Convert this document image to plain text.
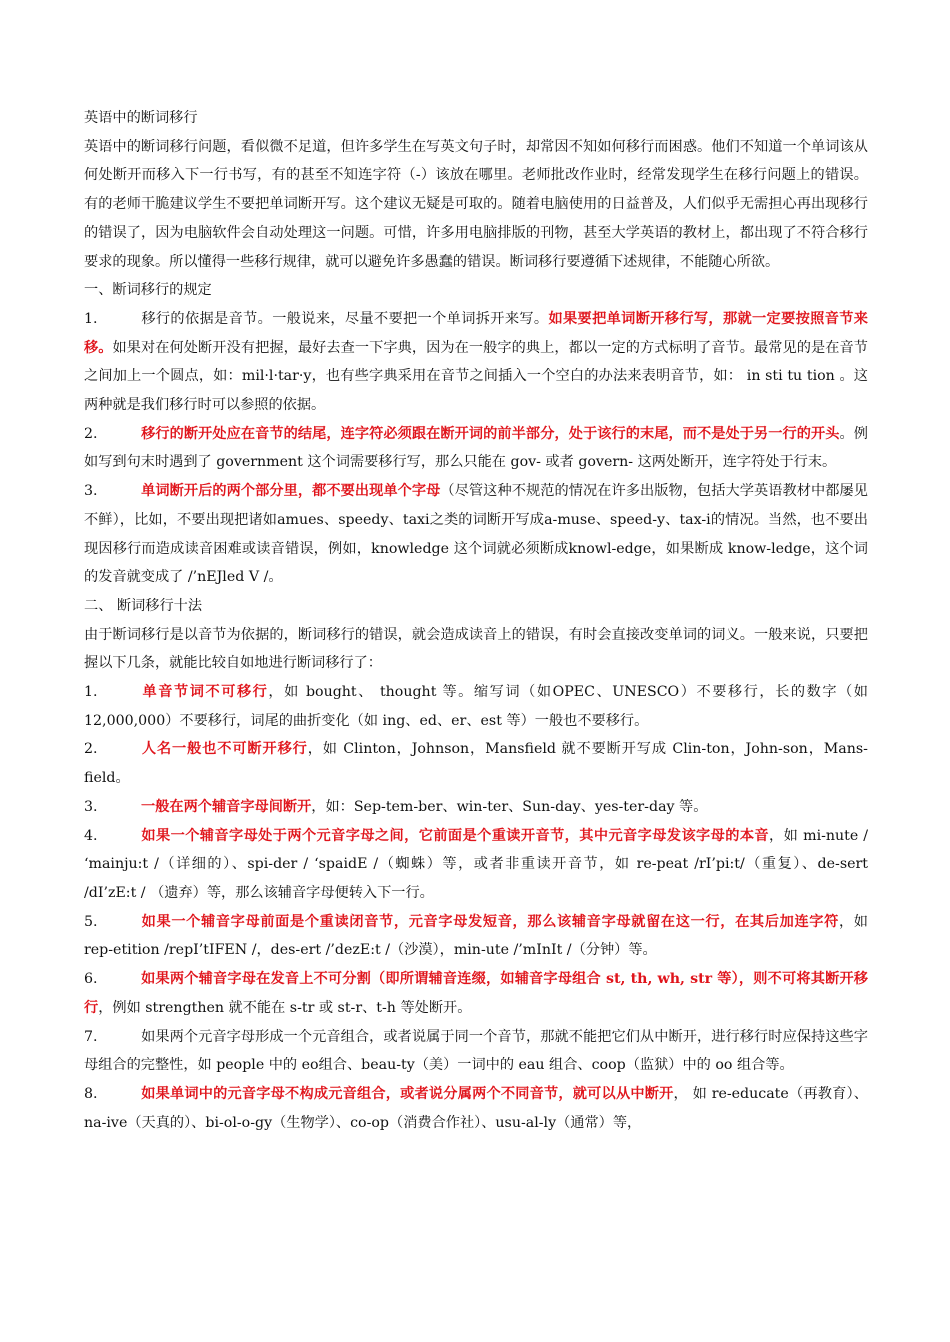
英语中的断词移行

英语中的断词移行问题，看似微不足道，但许多学生在写英文句子时，却常因不知如何移行而困惑。他们不知道一个单词该从何处断开而移入下一行书写，有的甚至不知连字符（-）该放在哪里。老师批改作业时，经常发现学生在移行问题上的错误。有的老师干脆建议学生不要把单词断开写。这个建议无疑是可取的。随着电脑使用的日益普及，人们似乎无需担心再出现移行的错误了，因为电脑软件会自动处理这一问题。可惜，许多用电脑排版的刊物，甚至大学英语的教材上，都出现了不符合移行要求的现象。所以懂得一些移行规律，就可以避免许多愚蠢的错误。断词移行要遵循下述规律，不能随心所欲。

一、断词移行的规定

1.	移行的依据是音节。一般说来，尽量不要把一个单词拆开来写。如果要把单词断开移行写，那就一定要按照音节来移。如果对在何处断开没有把握，最好去查一下字典，因为在一般字的典上，都以一定的方式标明了音节。最常见的是在音节之间加上一个圆点，如：mil·l·tar·y，也有些字典采用在音节之间插入一个空白的办法来表明音节，如： in sti tu tion 。这两种就是我们移行时可以参照的依据。

2.	移行的断开处应在音节的结尾，连字符必须跟在断开词的前半部分，处于该行的末尾，而不是处于另一行的开头。例如写到句末时遇到了 government 这个词需要移行写，那么只能在 gov- 或者 govern- 这两处断开，连字符处于行末。

3.	单词断开后的两个部分里，都不要出现单个字母（尽管这种不规范的情况在许多出版物，包括大学英语教材中都屡见不鲜），比如，不要出现把诸如amues、speedy、taxi之类的词断开写成a-muse、speed-y、tax-i的情况。当然，也不要出现因移行而造成读音困难或读音错误，例如，knowledge 这个词就必须断成knowl-edge，如果断成 know-ledge，这个词的发音就变成了 /’nEJled V /。

二、 断词移行十法

由于断词移行是以音节为依据的，断词移行的错误，就会造成读音上的错误，有时会直接改变单词的词义。一般来说，只要把握以下几条，就能比较自如地进行断词移行了：

1.	单音节词不可移行，如 bought、 thought 等。缩写词（如OPEC、UNESCO）不要移行，长的数字（如12,000,000）不要移行，词尾的曲折变化（如 ing、ed、er、est 等）一般也不要移行。

2.	人名一般也不可断开移行，如 Clinton，Johnson，Mansfield 就不要断开写成 Clin-ton，John-son，Mans-field。

3.	一般在两个辅音字母间断开，如：Sep-tem-ber、win-ter、Sun-day、yes-ter-day 等。

4.	如果一个辅音字母处于两个元音字母之间，它前面是个重读开音节，其中元音字母发该字母的本音，如 mi-nute / ‘mainju:t /（详细的）、spi-der / ‘spaidE /（蜘蛛）等，或者非重读开音节，如 re-peat /rI’pi:t/（重复）、de-sert /dI’zE:t / （遗弃）等，那么该辅音字母便转入下一行。

5.	如果一个辅音字母前面是个重读闭音节，元音字母发短音，那么该辅音字母就留在这一行，在其后加连字符，如 rep-etition /repI’tIFEN /，des-ert /’dezE:t /（沙漠），min-ute /’mInIt /（分钟）等。

6.	如果两个辅音字母在发音上不可分割（即所谓辅音连缀，如辅音字母组合 st, th, wh, str 等），则不可将其断开移行，例如 strengthen 就不能在 s-tr 或 st-r、t-h 等处断开。

7.	如果两个元音字母形成一个元音组合，或者说属于同一个音节，那就不能把它们从中断开，进行移行时应保持这些字母组合的完整性，如 people 中的 eo组合、beau-ty（美）一词中的 eau 组合、coop（监狱）中的 oo 组合等。

8.	如果单词中的元音字母不构成元音组合，或者说分属两个不同音节，就可以从中断开， 如 re-educate（再教育）、na-ive（天真的）、bi-ol-o-gy（生物学）、co-op（消费合作社）、usu-al-ly（通常）等，
